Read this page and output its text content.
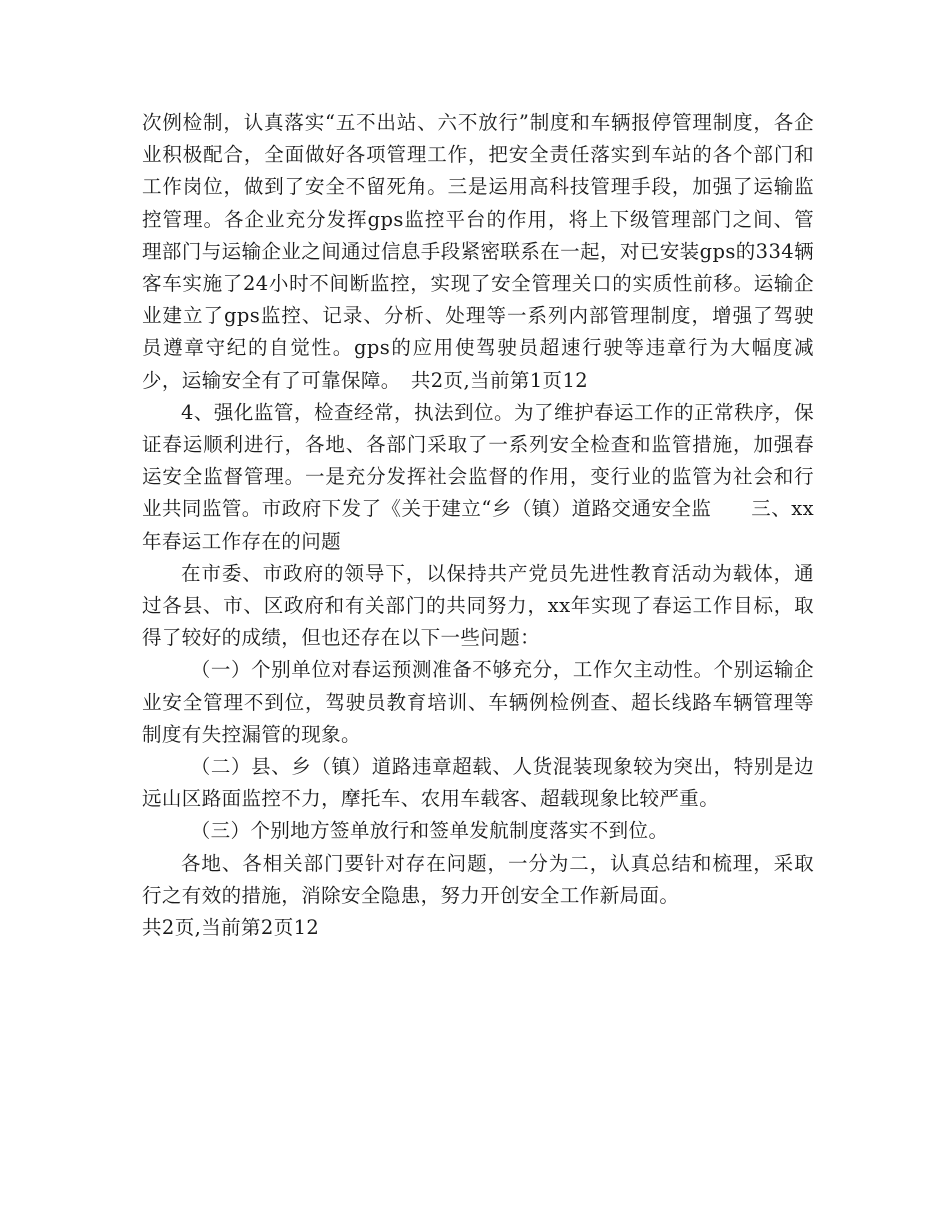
次例检制，认真落实“五不出站、六不放行”制度和车辆报停管理制度，各企业积极配合，全面做好各项管理工作，把安全责任落实到车站的各个部门和工作岗位，做到了安全不留死角。三是运用高科技管理手段，加强了运输监控管理。各企业充分发挥gps监控平台的作用，将上下级管理部门之间、管理部门与运输企业之间通过信息手段紧密联系在一起，对已安装gps的334辆客车实施了24小时不间断监控，实现了安全管理关口的实质性前移。运输企业建立了gps监控、记录、分析、处理等一系列内部管理制度，增强了驾驶员遵章守纪的自觉性。gps的应用使驾驶员超速行驶等违章行为大幅度减少，运输安全有了可靠保障。　共2页,当前第1页12

4、强化监管，检查经常，执法到位。为了维护春运工作的正常秩序，保证春运顺利进行，各地、各部门采取了一系列安全检查和监管措施，加强春运安全监督管理。一是充分发挥社会监督的作用，变行业的监管为社会和行业共同监管。市政府下发了《关于建立“乡（镇）道路交通安全监　　三、xx年春运工作存在的问题

在市委、市政府的领导下，以保持共产党员先进性教育活动为载体，通过各县、市、区政府和有关部门的共同努力，xx年实现了春运工作目标，取得了较好的成绩，但也还存在以下一些问题：

（一）个别单位对春运预测准备不够充分，工作欠主动性。个别运输企业安全管理不到位，驾驶员教育培训、车辆例检例查、超长线路车辆管理等制度有失控漏管的现象。

（二）县、乡（镇）道路违章超载、人货混装现象较为突出，特别是边远山区路面监控不力，摩托车、农用车载客、超载现象比较严重。

（三）个别地方签单放行和签单发航制度落实不到位。

各地、各相关部门要针对存在问题，一分为二，认真总结和梳理，采取行之有效的措施，消除安全隐患，努力开创安全工作新局面。

共2页,当前第2页12
